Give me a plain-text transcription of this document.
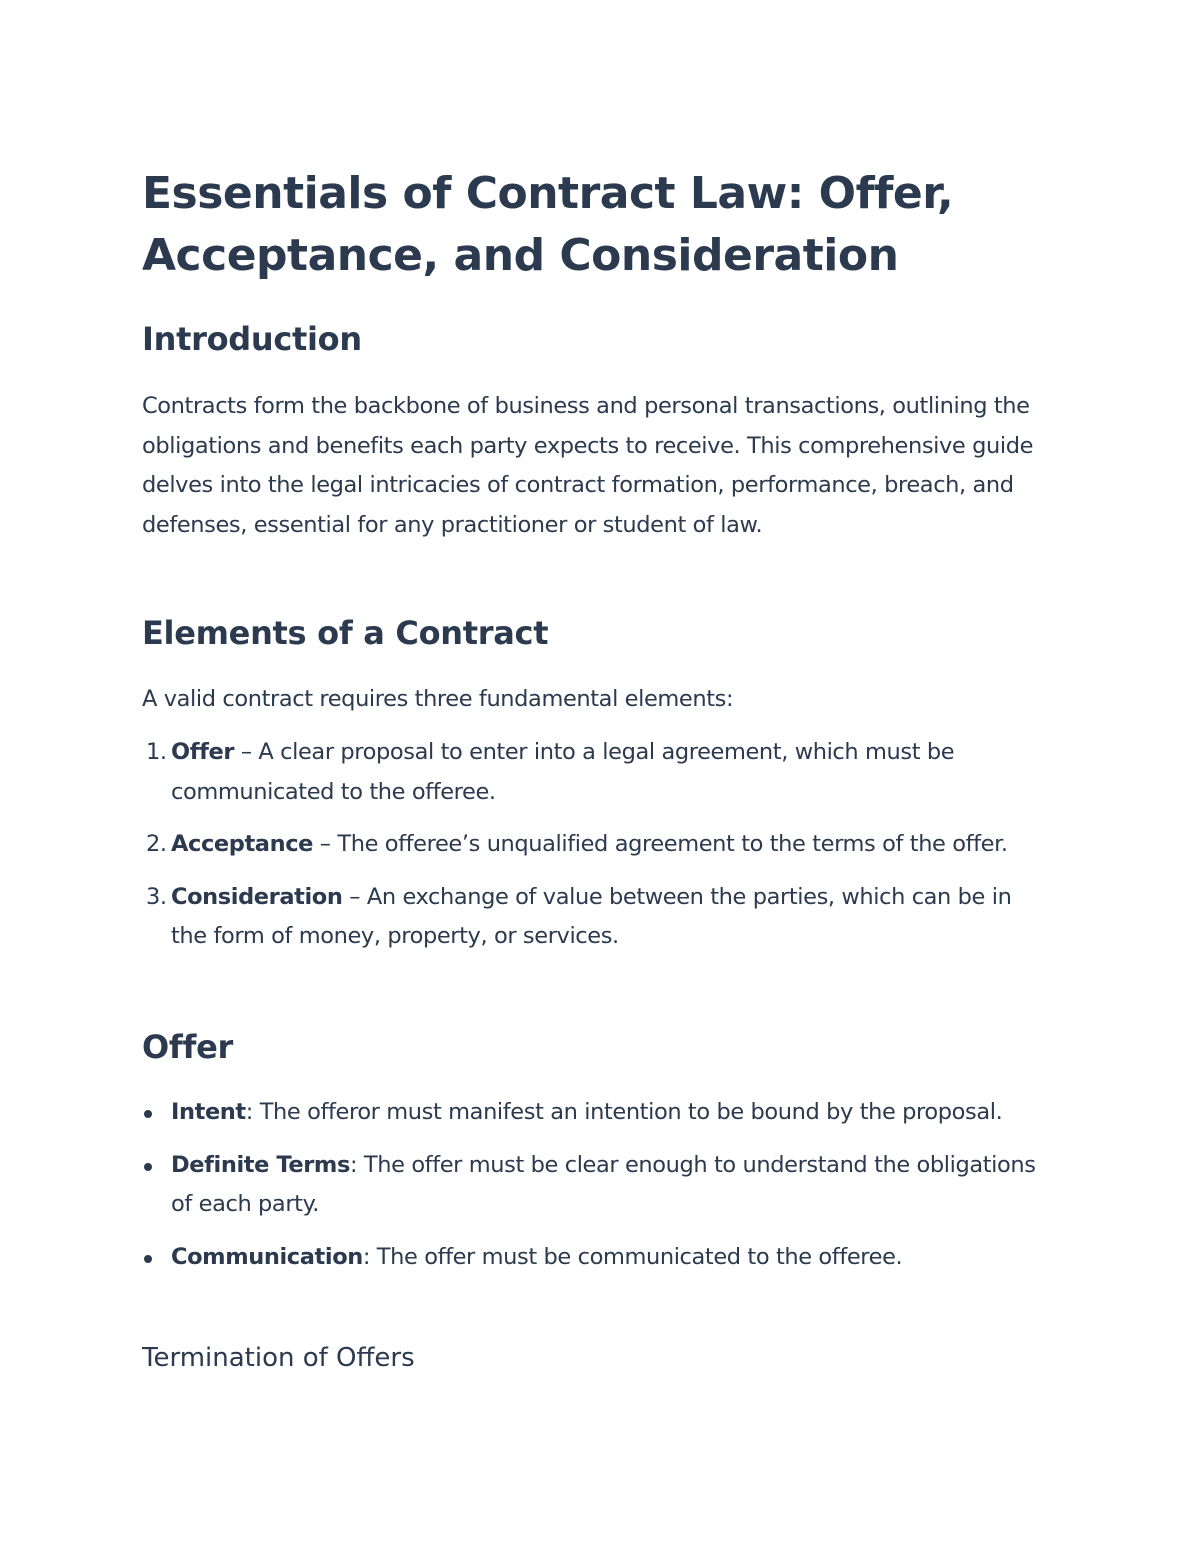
Essentials of Contract Law: Offer, Acceptance, and Consideration
Introduction

Contracts form the backbone of business and personal transactions, outlining the obligations and benefits each party expects to receive. This comprehensive guide delves into the legal intricacies of contract formation, performance, breach, and defenses, essential for any practitioner or student of law.

Elements of a Contract

A valid contract requires three fundamental elements:

1. Offer – A clear proposal to enter into a legal agreement, which must be communicated to the offeree.
2. Acceptance – The offeree’s unqualified agreement to the terms of the offer.
3. Consideration – An exchange of value between the parties, which can be in the form of money, property, or services.
Offer
Intent: The offeror must manifest an intention to be bound by the proposal.
Definite Terms: The offer must be clear enough to understand the obligations of each party.
Communication: The offer must be communicated to the offeree.
Termination of Offers
